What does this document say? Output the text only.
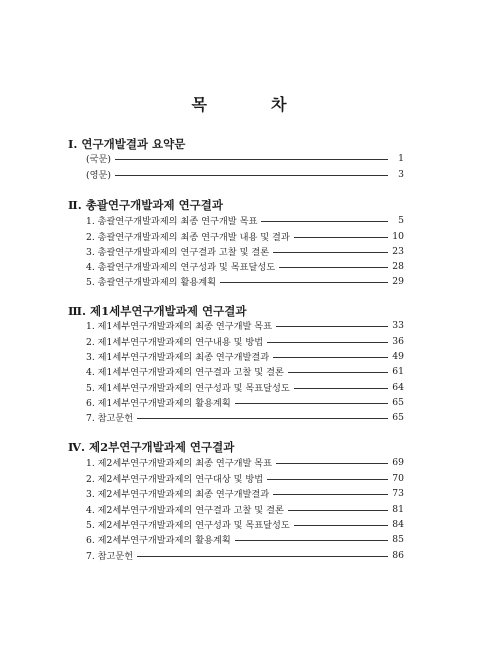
목	차
Ⅰ. 연구개발결과 요약문
(국문)	1
(영문)	3
Ⅱ. 총괄연구개발과제 연구결과
1. 총괄연구개발과제의 최종 연구개발 목표	5
2. 총괄연구개발과제의 최종 연구개발 내용 및 결과	10
3. 총괄연구개발과제의 연구결과 고찰 및 결론	23
4. 총괄연구개발과제의 연구성과 및 목표달성도	28
5. 총괄연구개발과제의 활용계획	29
Ⅲ. 제1세부연구개발과제 연구결과
1. 제1세부연구개발과제의 최종 연구개발 목표	33
2. 제1세부연구개발과제의 연구내용 및 방법	36
3. 제1세부연구개발과제의 최종 연구개발결과	49
4. 제1세부연구개발과제의 연구결과 고찰 및 결론	61
5. 제1세부연구개발과제의 연구성과 및 목표달성도	64
6. 제1세부연구개발과제의 활용계획	65
7. 참고문헌	65
Ⅳ. 제2부연구개발과제 연구결과
1. 제2세부연구개발과제의 최종 연구개발 목표	69
2. 제2세부연구개발과제의 연구대상 및 방법	70
3. 제2세부연구개발과제의 최종 연구개발결과	73
4. 제2세부연구개발과제의 연구결과 고찰 및 결론	81
5. 제2세부연구개발과제의 연구성과 및 목표달성도	84
6. 제2세부연구개발과제의 활용계획	85
7. 참고문헌	86
